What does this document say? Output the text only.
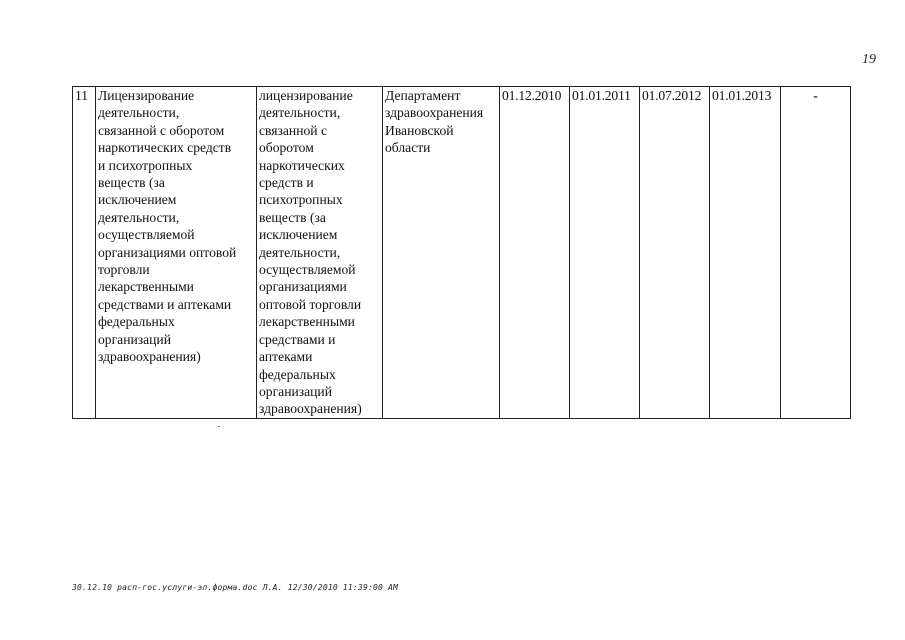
19
11	Лицензирование
деятельности,
связанной с оборотом
наркотических средств
и психотропных
веществ (за
исключением
деятельности,
осуществляемой
организациями оптовой
торговли
лекарственными
средствами и аптеками
федеральных
организаций
здравоохранения)	лицензирование
деятельности,
связанной с
оборотом
наркотических
средств и
психотропных
веществ (за
исключением
деятельности,
осуществляемой
организациями
оптовой торговли
лекарственными
средствами и
аптеками
федеральных
организаций
здравоохранения)	Департамент
здравоохранения
Ивановской
области	01.12.2010	01.01.2011	01.07.2012	01.01.2013	-
30.12.10 расп-гос.услуги-эл.форма.doc Л.А. 12/30/2010 11:39:00 AM
